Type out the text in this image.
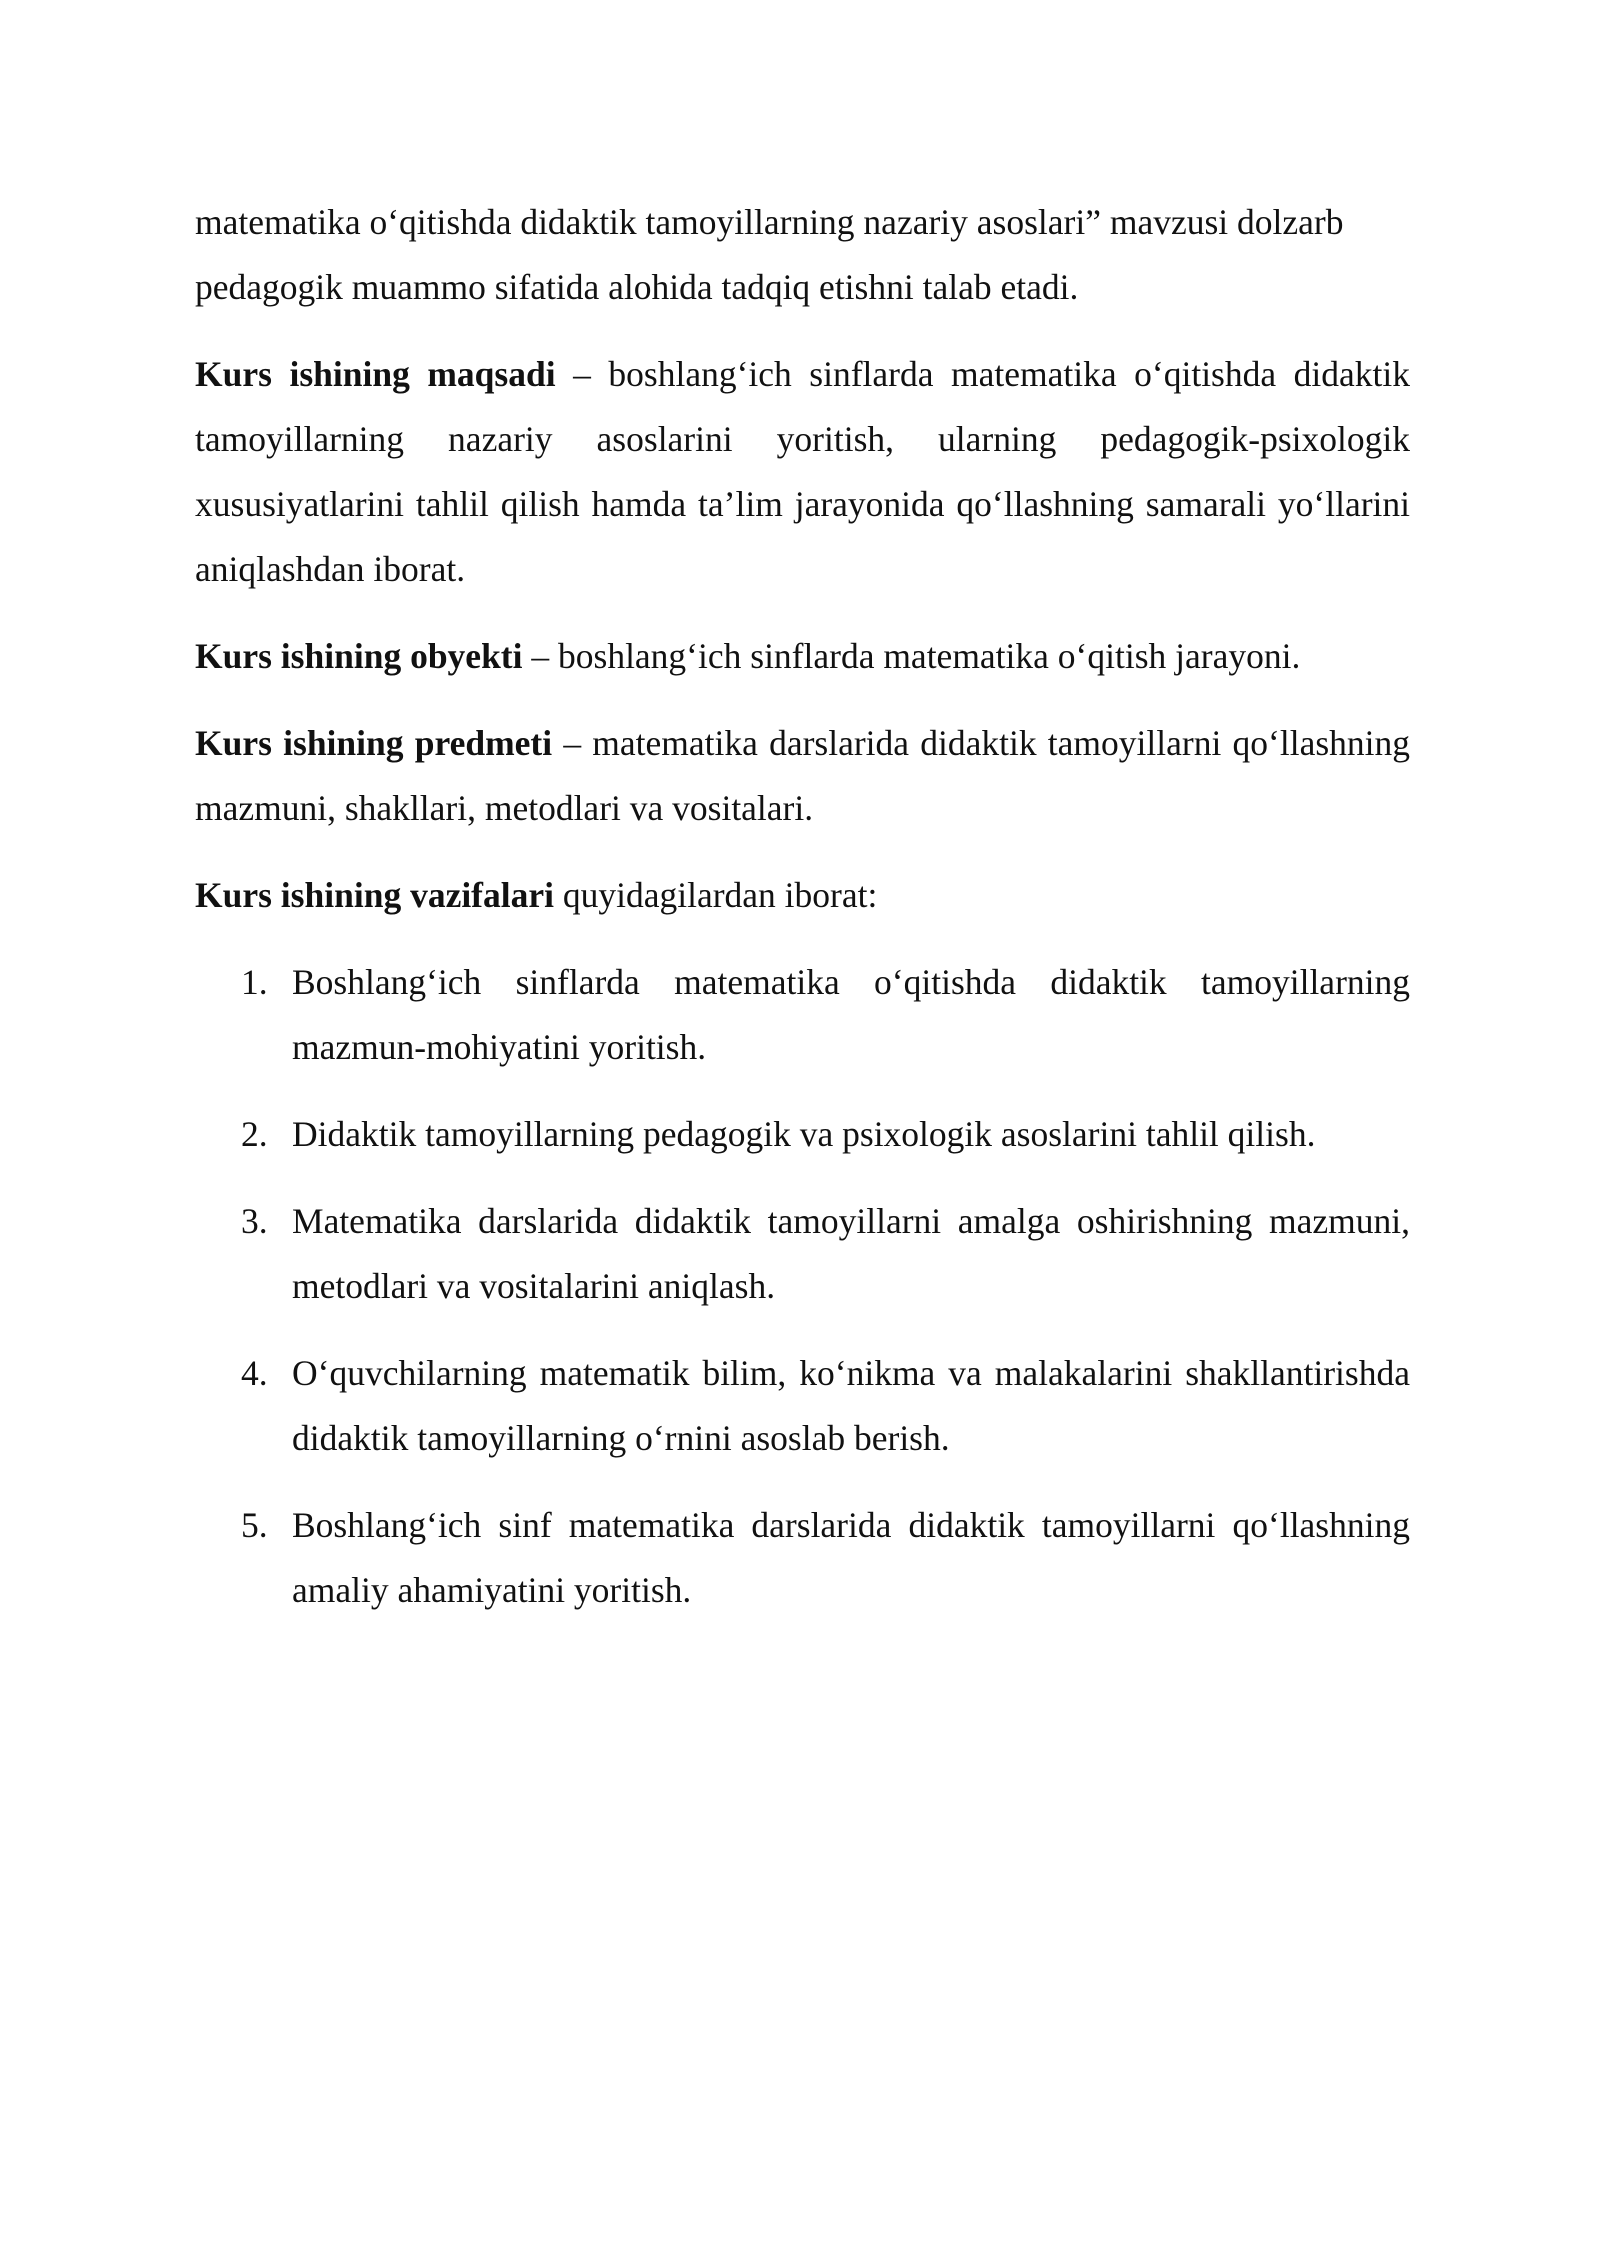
matematika o‘qitishda didaktik tamoyillarning nazariy asoslari” mavzusi dolzarb pedagogik muammo sifatida alohida tadqiq etishni talab etadi.

Kurs ishining maqsadi – boshlang‘ich sinflarda matematika o‘qitishda didaktik tamoyillarning nazariy asoslarini yoritish, ularning pedagogik-psixologik xususiyatlarini tahlil qilish hamda ta’lim jarayonida qo‘llashning samarali yo‘llarini aniqlashdan iborat.

Kurs ishining obyekti – boshlang‘ich sinflarda matematika o‘qitish jarayoni.

Kurs ishining predmeti – matematika darslarida didaktik tamoyillarni qo‘llashning mazmuni, shakllari, metodlari va vositalari.

Kurs ishining vazifalari quyidagilardan iborat:

1. Boshlang‘ich sinflarda matematika o‘qitishda didaktik tamoyillarning mazmun-mohiyatini yoritish.
2. Didaktik tamoyillarning pedagogik va psixologik asoslarini tahlil qilish.
3. Matematika darslarida didaktik tamoyillarni amalga oshirishning mazmuni, metodlari va vositalarini aniqlash.
4. O‘quvchilarning matematik bilim, ko‘nikma va malakalarini shakllantirishda didaktik tamoyillarning o‘rnini asoslab berish.
5. Boshlang‘ich sinf matematika darslarida didaktik tamoyillarni qo‘llashning amaliy ahamiyatini yoritish.
